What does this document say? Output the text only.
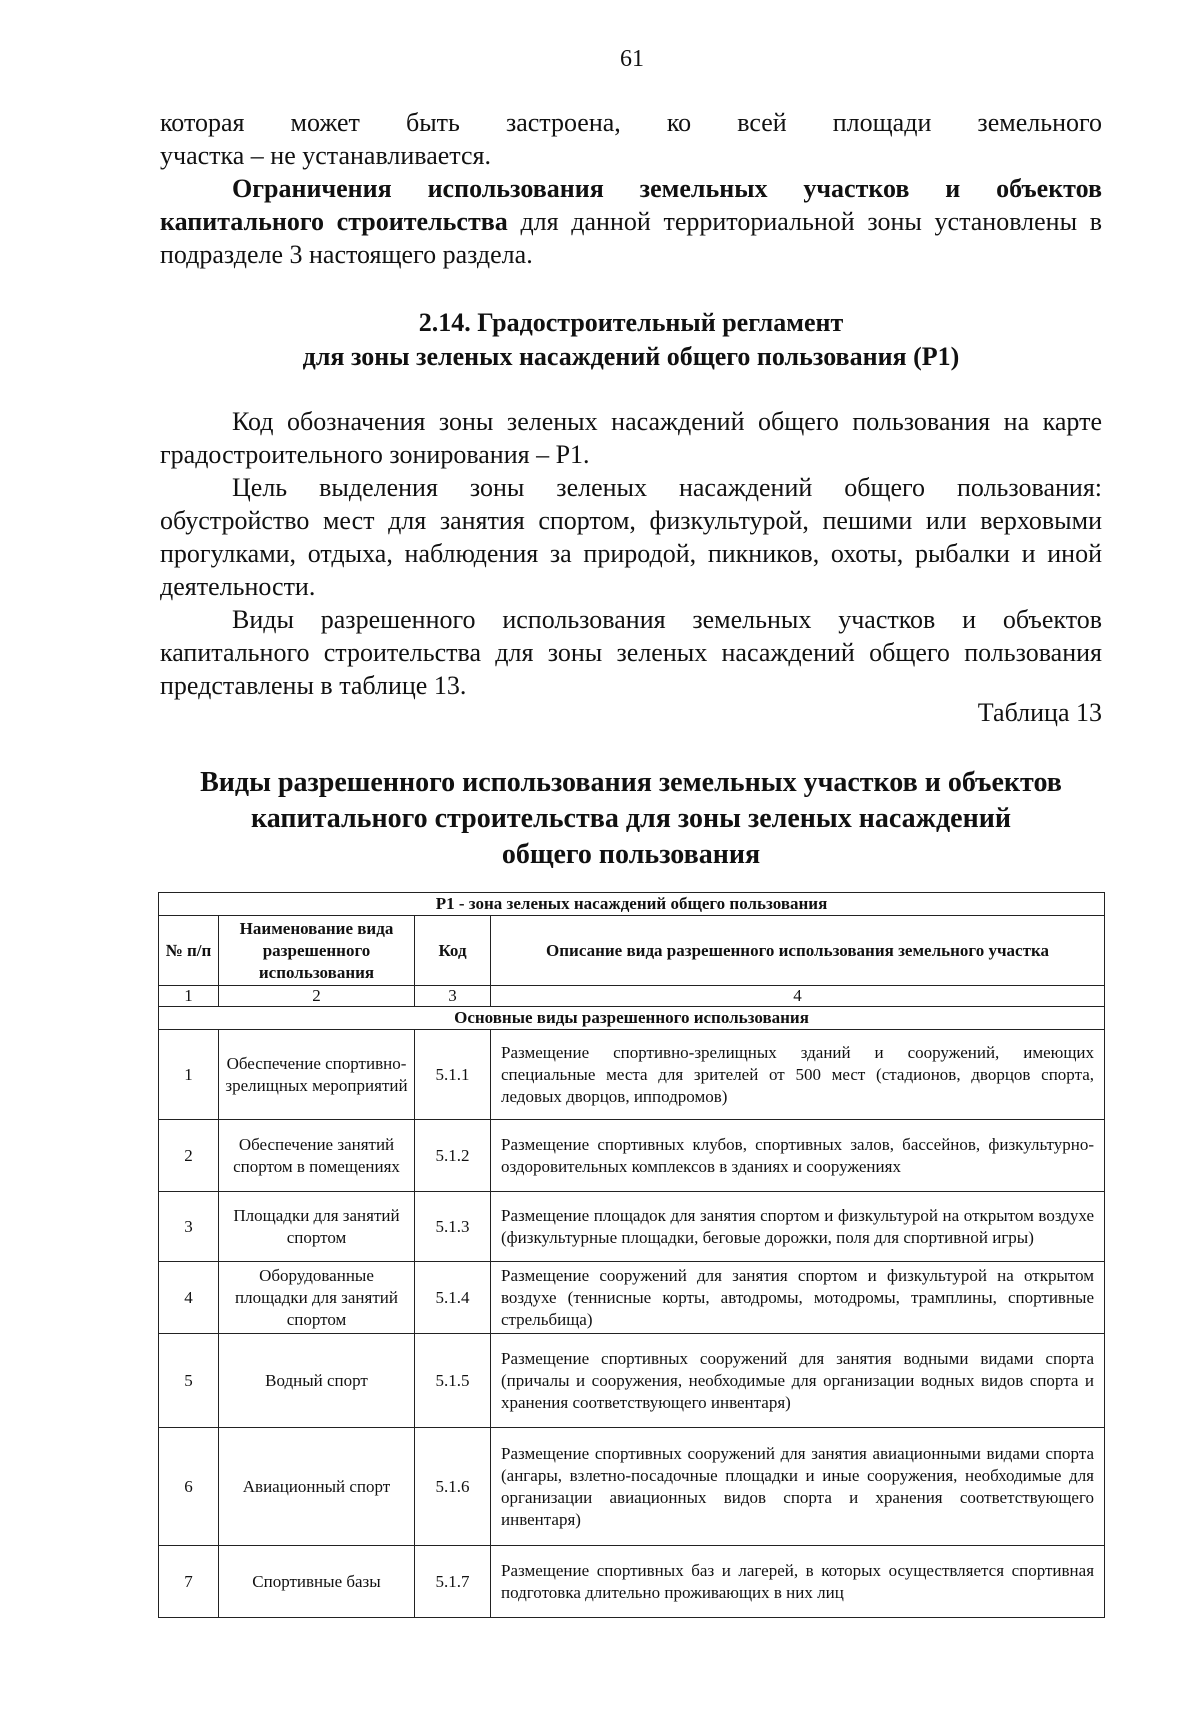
61

которая может быть застроена, ко всей площади земельного

участка – не устанавливается.

Ограничения использования земельных участков и объектов капитального строительства для данной территориальной зоны установлены в подразделе 3 настоящего раздела.

2.14. Градостроительный регламент
для зоны зеленых насаждений общего пользования (Р1)

Код обозначения зоны зеленых насаждений общего пользования на карте градостроительного зонирования – Р1.

Цель выделения зоны зеленых насаждений общего пользования: обустройство мест для занятия спортом, физкультурой, пешими или верховыми прогулками, отдыха, наблюдения за природой, пикников, охоты, рыбалки и иной деятельности.

Виды разрешенного использования земельных участков и объектов капитального строительства для зоны зеленых насаждений общего пользования представлены в таблице 13.

Таблица 13
Виды разрешенного использования земельных участков и объектов
капитального строительства для зоны зеленых насаждений
общего пользования
Р1 - зона зеленых насаждений общего пользования			
№ п/п	Наименование вида разрешенного использования	Код	Описание вида разрешенного использования земельного участка
1	2	3	4
Основные виды разрешенного использования			
1	Обеспечение спортивно-зрелищных мероприятий	5.1.1	Размещение спортивно-зрелищных зданий и сооружений, имеющих специальные места для зрителей от 500 мест (стадионов, дворцов спорта, ледовых дворцов, ипподромов)
2	Обеспечение занятий спортом в помещениях	5.1.2	Размещение спортивных клубов, спортивных залов, бассейнов, физкультурно-оздоровительных комплексов в зданиях и сооружениях
3	Площадки для занятий спортом	5.1.3	Размещение площадок для занятия спортом и физкультурой на открытом воздухе (физкультурные площадки, беговые дорожки, поля для спортивной игры)
4	Оборудованные площадки для занятий спортом	5.1.4	Размещение сооружений для занятия спортом и физкультурой на открытом воздухе (теннисные корты, автодромы, мотодромы, трамплины, спортивные стрельбища)
5	Водный спорт	5.1.5	Размещение спортивных сооружений для занятия водными видами спорта (причалы и сооружения, необходимые для организации водных видов спорта и хранения соответствующего инвентаря)
6	Авиационный спорт	5.1.6	Размещение спортивных сооружений для занятия авиационными видами спорта (ангары, взлетно-посадочные площадки и иные сооружения, необходимые для организации авиационных видов спорта и хранения соответствующего инвентаря)
7	Спортивные базы	5.1.7	Размещение спортивных баз и лагерей, в которых осуществляется спортивная подготовка длительно проживающих в них лиц
